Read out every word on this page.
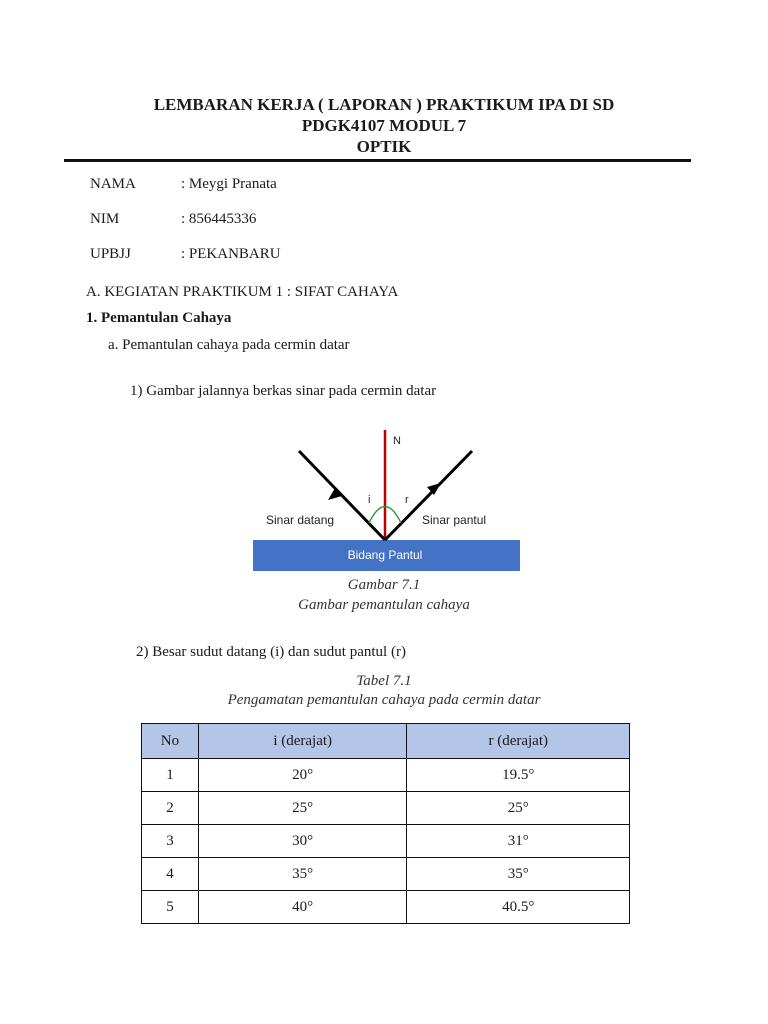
LEMBARAN KERJA ( LAPORAN ) PRAKTIKUM IPA DI SD
PDGK4107 MODUL 7
OPTIK
NAMA	: Meygi Pranata
NIM	: 856445336
UPBJJ	: PEKANBARU
A. KEGIATAN PRAKTIKUM 1 : SIFAT CAHAYA
1. Pemantulan Cahaya
a. Pemantulan cahaya pada cermin datar
1) Gambar jalannya berkas sinar pada cermin datar
N
i	r
Sinar datang	Sinar pantul
Bidang Pantul
Gambar 7.1
Gambar pemantulan cahaya
2) Besar sudut datang (i) dan sudut pantul (r)
Tabel 7.1
Pengamatan pemantulan cahaya pada cermin datar
No	i (derajat)	r (derajat)
1	20°	19.5°
2	25°	25°
3	30°	31°
4	35°	35°
5	40°	40.5°
